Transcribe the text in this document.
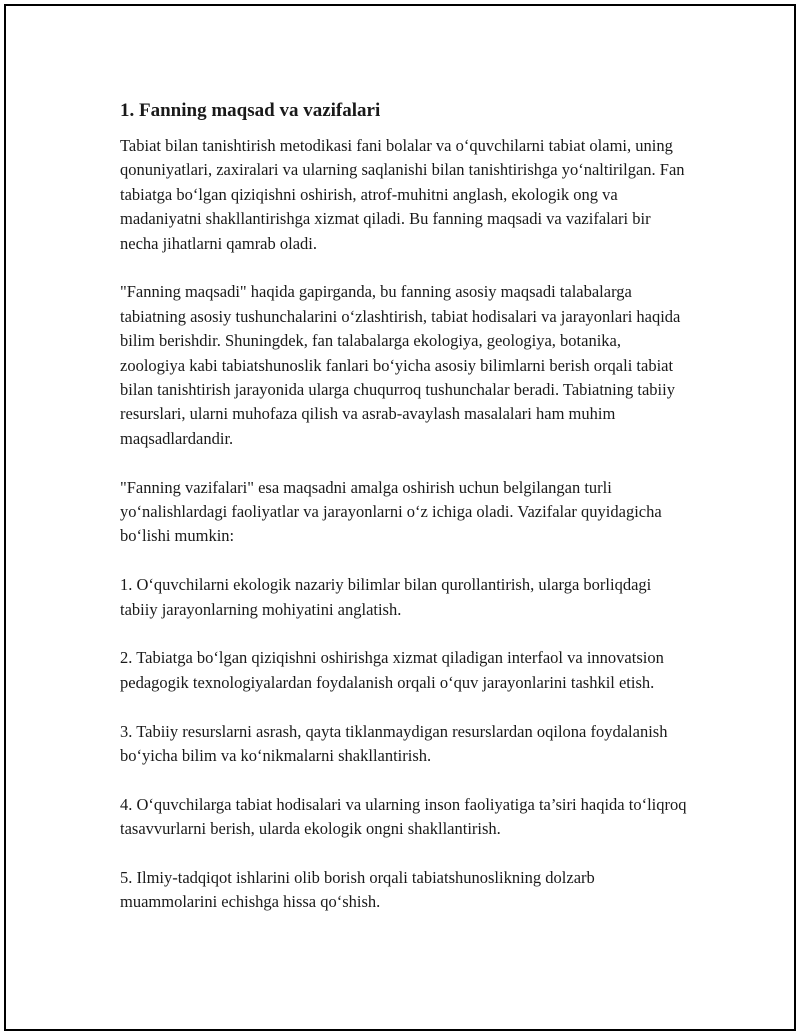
1. Fanning maqsad va vazifalari

Tabiat bilan tanishtirish metodikasi fani bolalar va o‘quvchilarni tabiat olami, uning qonuniyatlari, zaxiralari va ularning saqlanishi bilan tanishtirishga yo‘naltirilgan. Fan tabiatga bo‘lgan qiziqishni oshirish, atrof-muhitni anglash, ekologik ong va madaniyatni shakllantirishga xizmat qiladi. Bu fanning maqsadi va vazifalari bir necha jihatlarni qamrab oladi.

"Fanning maqsadi" haqida gapirganda, bu fanning asosiy maqsadi talabalarga tabiatning asosiy tushunchalarini o‘zlashtirish, tabiat hodisalari va jarayonlari haqida bilim berishdir. Shuningdek, fan talabalarga ekologiya, geologiya, botanika, zoologiya kabi tabiatshunoslik fanlari bo‘yicha asosiy bilimlarni berish orqali tabiat bilan tanishtirish jarayonida ularga chuqurroq tushunchalar beradi. Tabiatning tabiiy resurslari, ularni muhofaza qilish va asrab-avaylash masalalari ham muhim maqsadlardandir.

"Fanning vazifalari" esa maqsadni amalga oshirish uchun belgilangan turli yo‘nalishlardagi faoliyatlar va jarayonlarni o‘z ichiga oladi. Vazifalar quyidagicha bo‘lishi mumkin:

1. O‘quvchilarni ekologik nazariy bilimlar bilan qurollantirish, ularga borliqdagi tabiiy jarayonlarning mohiyatini anglatish.
2. Tabiatga bo‘lgan qiziqishni oshirishga xizmat qiladigan interfaol va innovatsion pedagogik texnologiyalardan foydalanish orqali o‘quv jarayonlarini tashkil etish.
3. Tabiiy resurslarni asrash, qayta tiklanmaydigan resurslardan oqilona foydalanish bo‘yicha bilim va ko‘nikmalarni shakllantirish.
4. O‘quvchilarga tabiat hodisalari va ularning inson faoliyatiga ta’siri haqida to‘liqroq tasavvurlarni berish, ularda ekologik ongni shakllantirish.
5. Ilmiy-tadqiqot ishlarini olib borish orqali tabiatshunoslikning dolzarb muammolarini echishga hissa qo‘shish.
